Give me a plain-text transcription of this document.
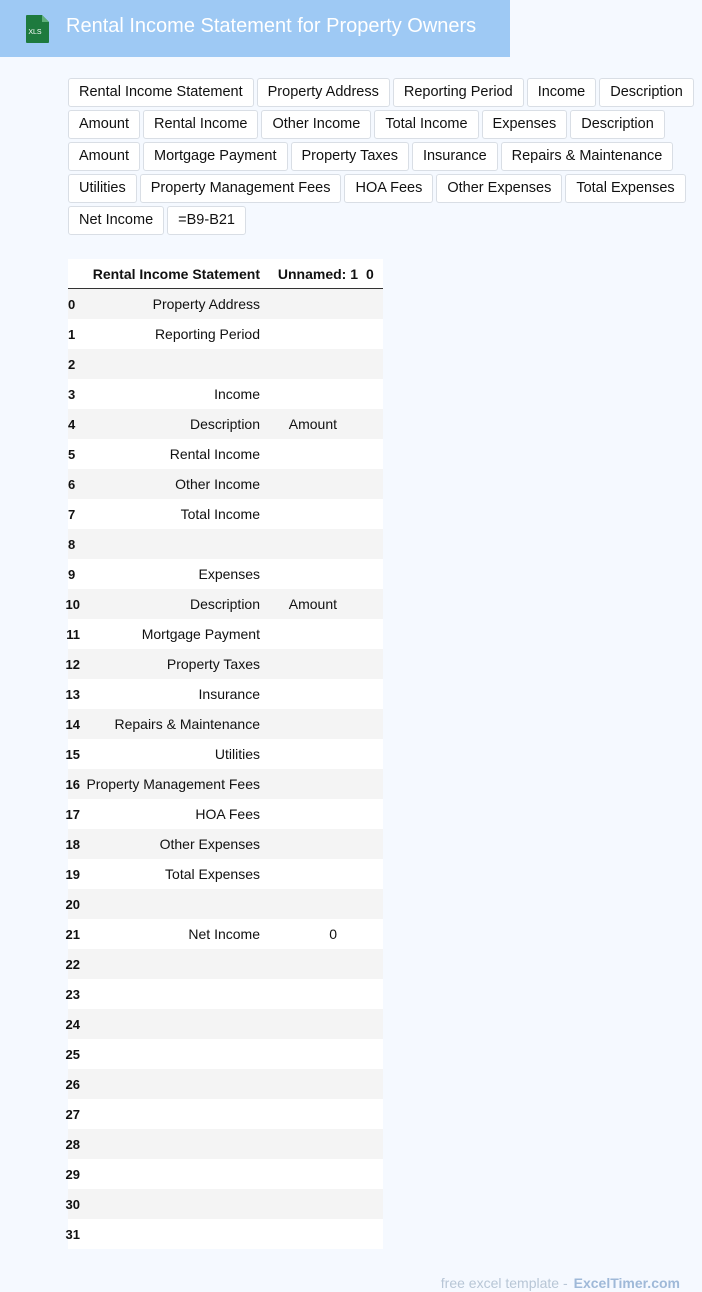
XLS Rental Income Statement for Property Owners
Rental Income Statement	Property Address	Reporting Period	Income	Description
Amount	Rental Income	Other Income	Total Income	Expenses	Description
Amount	Mortgage Payment	Property Taxes	Insurance	Repairs & Maintenance
Utilities	Property Management Fees	HOA Fees	Other Expenses	Total Expenses
Net Income	=B9-B21
	Rental Income Statement	Unnamed: 1	0
0	Property Address		
1	Reporting Period		
2			
3	Income		
4	Description	Amount	
5	Rental Income		
6	Other Income		
7	Total Income		
8			
9	Expenses		
10	Description	Amount	
11	Mortgage Payment		
12	Property Taxes		
13	Insurance		
14	Repairs & Maintenance		
15	Utilities		
16	Property Management Fees		
17	HOA Fees		
18	Other Expenses		
19	Total Expenses		
20			
21	Net Income	0	
22			
23			
24			
25			
26			
27			
28			
29			
30			
31			
free excel template - ExcelTimer.com
